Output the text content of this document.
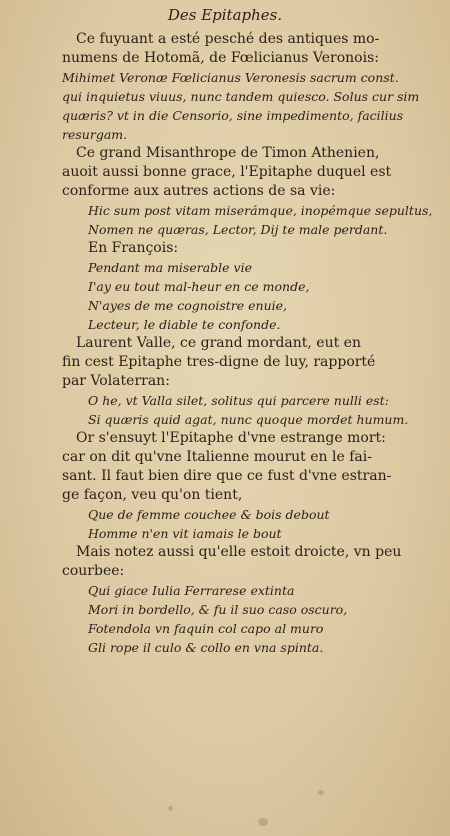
Des Epitaphes.
Ce fuyuant a esté pesché des antiques mo-
numens de Hotomã, de Fœlicianus Veronois:
Mihimet Veronæ Fœlicianus Veronesis sacrum const.
qui inquietus viuus, nunc tandem quiesco. Solus cur sim
quæris? vt in die Censorio, sine impedimento, facilius
resurgam.
Ce grand Misanthrope de Timon Athenien,
auoit aussi bonne grace, l'Epitaphe duquel est
conforme aux autres actions de sa vie:
Hic sum post vitam miserámque, inopémque sepultus,
Nomen ne quæras, Lector, Dij te male perdant.
En François:
Pendant ma miserable vie
I'ay eu tout mal-heur en ce monde,
N'ayes de me cognoistre enuie,
Lecteur, le diable te confonde.
Laurent Valle, ce grand mordant, eut en
fin cest Epitaphe tres-digne de luy, rapporté
par Volaterran:
O he, vt Valla silet, solitus qui parcere nulli est:
Si quæris quid agat, nunc quoque mordet humum.
Or s'ensuyt l'Epitaphe d'vne estrange mort:
car on dit qu'vne Italienne mourut en le fai-
sant. Il faut bien dire que ce fust d'vne estran-
ge façon, veu qu'on tient,
Que de femme couchee & bois debout
Homme n'en vit iamais le bout
Mais notez aussi qu'elle estoit droicte, vn peu
courbee:
Qui giace Iulia Ferrarese extinta
Mori in bordello, & fu il suo caso oscuro,
Fotendola vn faquin col capo al muro
Gli rope il culo & collo en vna spinta.
